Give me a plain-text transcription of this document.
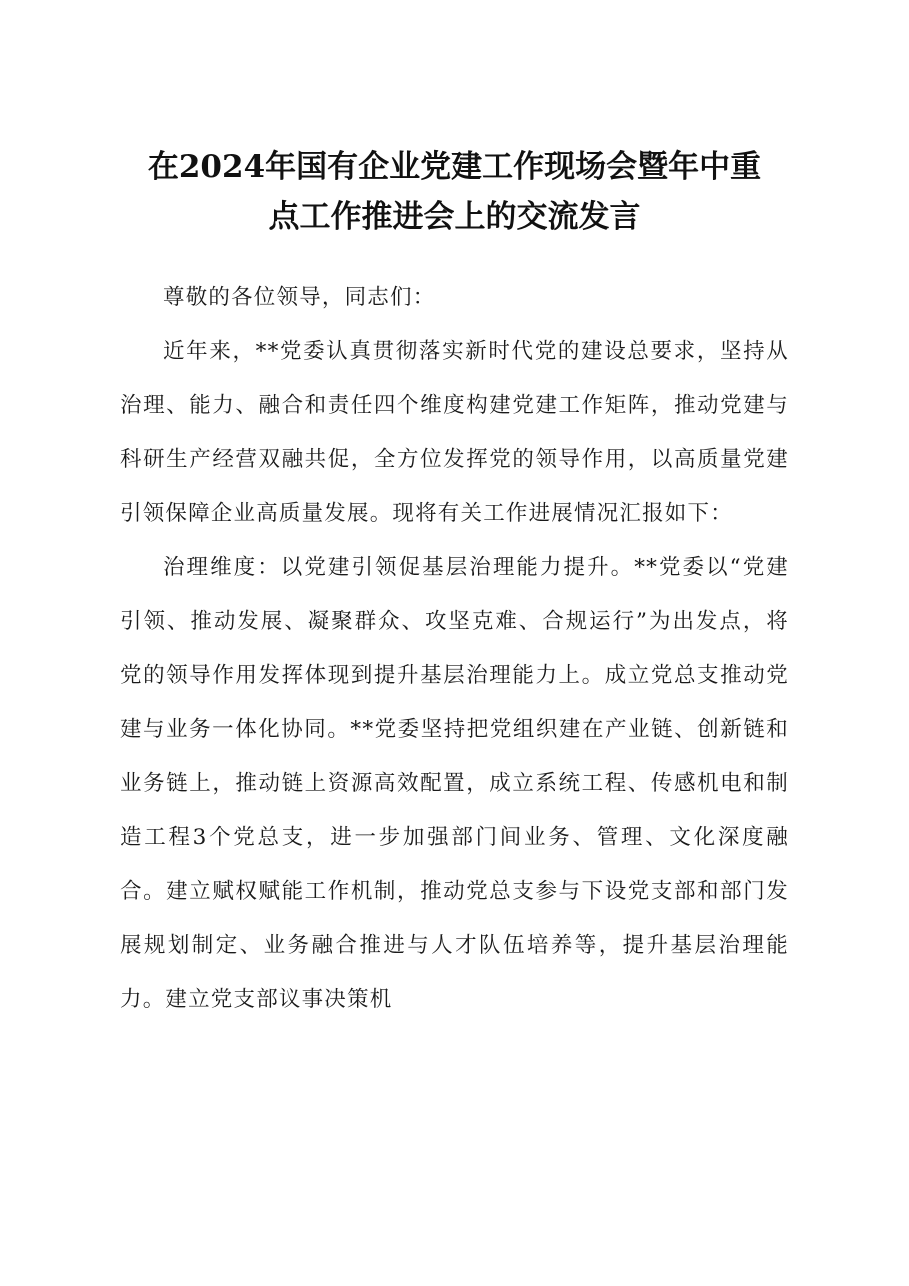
在2024年国有企业党建工作现场会暨年中重
点工作推进会上的交流发言

尊敬的各位领导，同志们：

近年来，**党委认真贯彻落实新时代党的建设总要求，坚持从治理、能力、融合和责任四个维度构建党建工作矩阵，推动党建与科研生产经营双融共促，全方位发挥党的领导作用，以高质量党建引领保障企业高质量发展。现将有关工作进展情况汇报如下：

治理维度：以党建引领促基层治理能力提升。**党委以“党建引领、推动发展、凝聚群众、攻坚克难、合规运行”为出发点，将党的领导作用发挥体现到提升基层治理能力上。成立党总支推动党建与业务一体化协同。**党委坚持把党组织建在产业链、创新链和业务链上，推动链上资源高效配置，成立系统工程、传感机电和制造工程3个党总支，进一步加强部门间业务、管理、文化深度融合。建立赋权赋能工作机制，推动党总支参与下设党支部和部门发展规划制定、业务融合推进与人才队伍培养等，提升基层治理能力。建立党支部议事决策机
